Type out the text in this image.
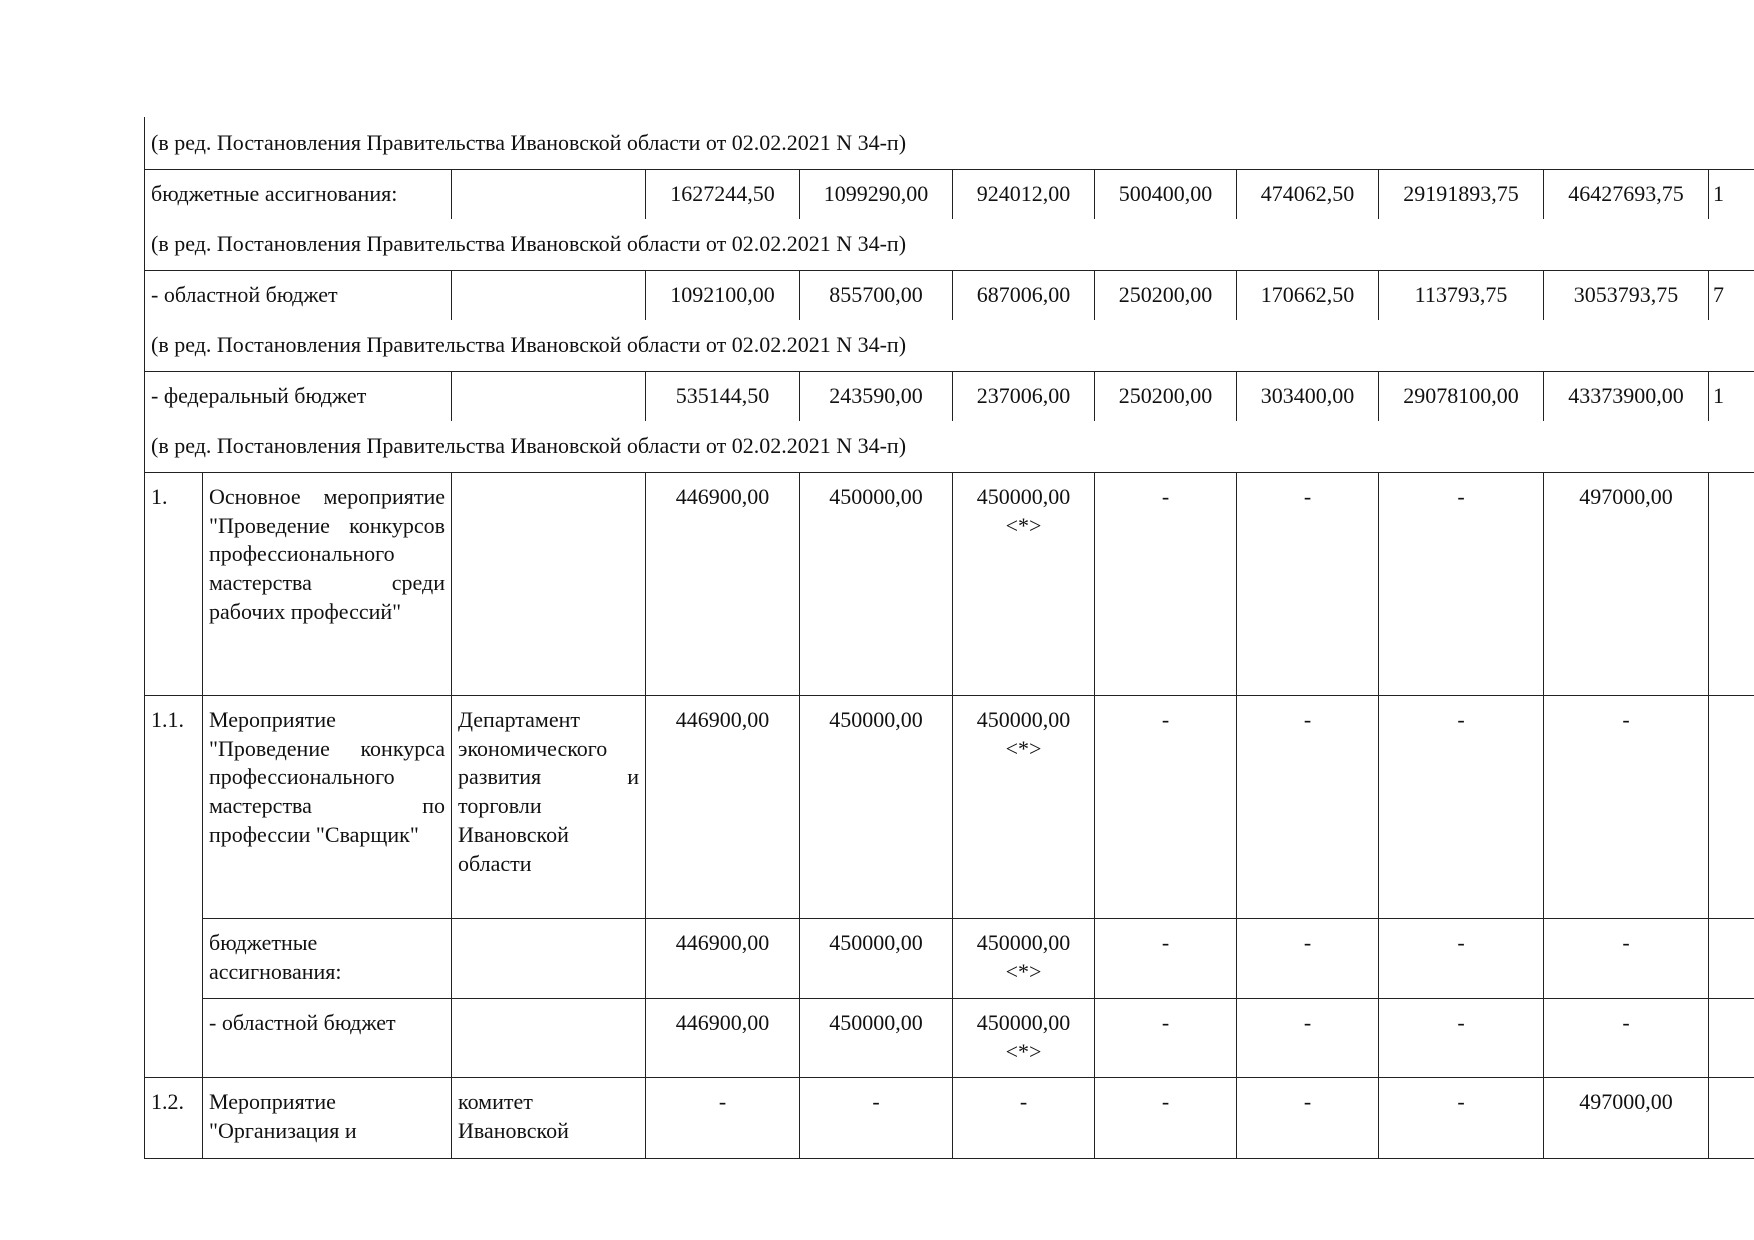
(в ред. Постановления Правительства Ивановской области от 02.02.2021 N 34-п)										
бюджетные ассигнования:			1627244,50	1099290,00	924012,00	500400,00	474062,50	29191893,75	46427693,75	1
(в ред. Постановления Правительства Ивановской области от 02.02.2021 N 34-п)										
- областной бюджет			1092100,00	855700,00	687006,00	250200,00	170662,50	113793,75	3053793,75	7
(в ред. Постановления Правительства Ивановской области от 02.02.2021 N 34-п)										
- федеральный бюджет			535144,50	243590,00	237006,00	250200,00	303400,00	29078100,00	43373900,00	1
(в ред. Постановления Правительства Ивановской области от 02.02.2021 N 34-п)										
1.	Основное мероприятие "Проведение конкурсов профессионального мастерства среди рабочих профессий"		446900,00	450000,00	450000,00 <*>	-	-	-	497000,00	
1.1.	Мероприятие "Проведение конкурса профессионального мастерства по профессии "Сварщик"	Департамент экономического развития и торговли Ивановской области	446900,00	450000,00	450000,00 <*>	-	-	-	-	
	бюджетные ассигнования:		446900,00	450000,00	450000,00 <*>	-	-	-	-	
	- областной бюджет		446900,00	450000,00	450000,00 <*>	-	-	-	-	
1.2.	Мероприятие "Организация и	комитет Ивановской	-	-	-	-	-	-	497000,00	
